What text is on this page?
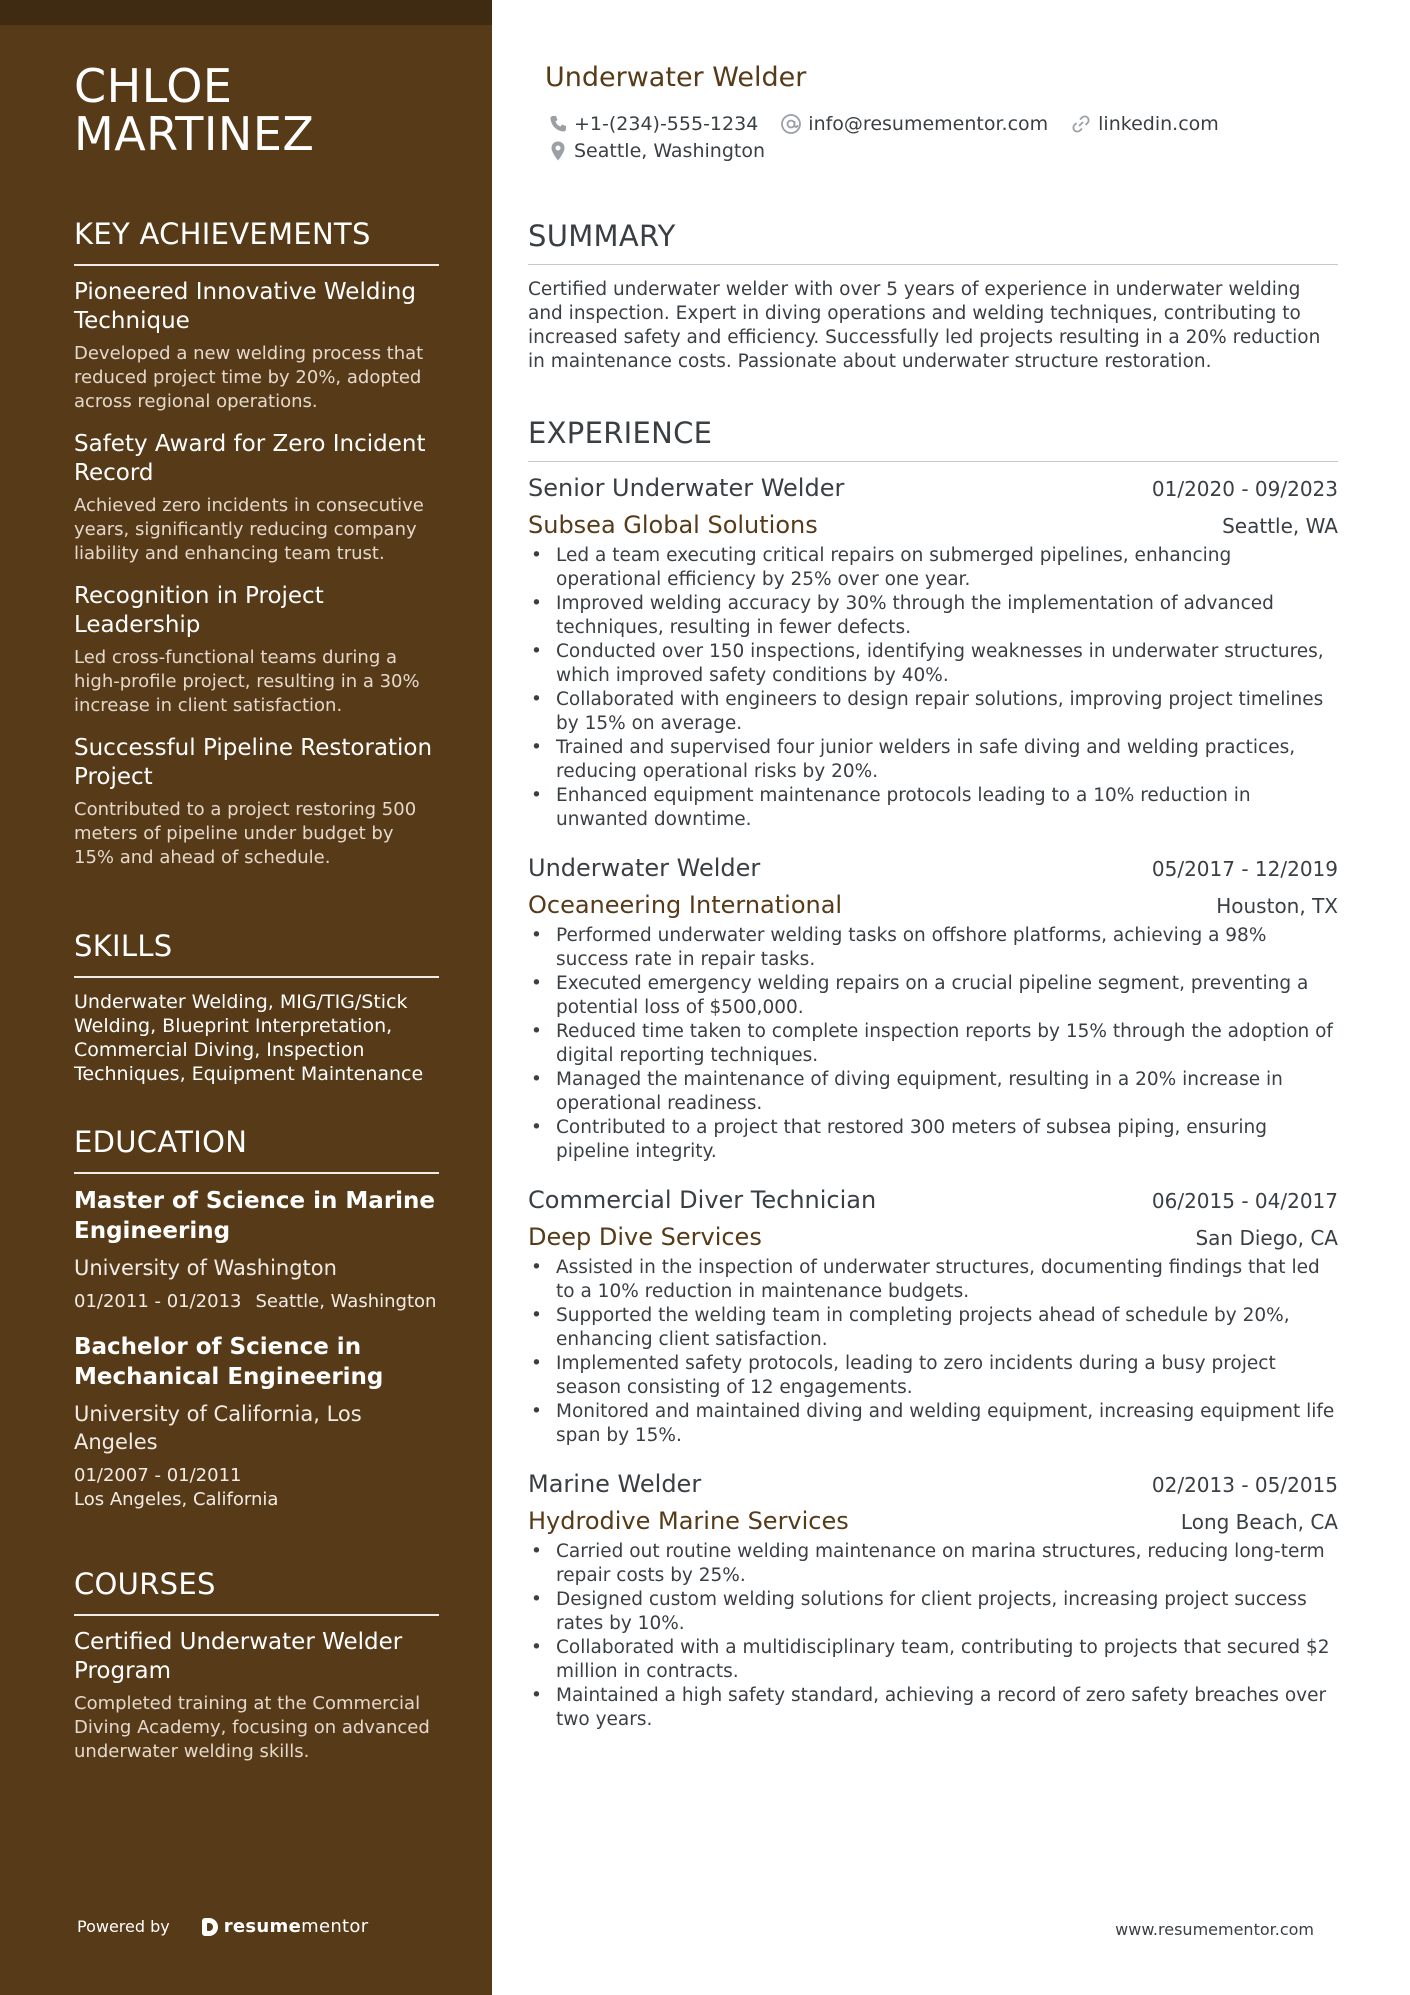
CHLOE
MARTINEZ
KEY ACHIEVEMENTS
Pioneered Innovative Welding Technique
Developed a new welding process that reduced project time by 20%, adopted across regional operations.
Safety Award for Zero Incident Record
Achieved zero incidents in consecutive years, significantly reducing company liability and enhancing team trust.
Recognition in Project Leadership
Led cross-functional teams during a high-profile project, resulting in a 30% increase in client satisfaction.
Successful Pipeline Restoration Project
Contributed to a project restoring 500 meters of pipeline under budget by 15% and ahead of schedule.
SKILLS
Underwater Welding, MIG/TIG/Stick Welding, Blueprint Interpretation, Commercial Diving, Inspection Techniques, Equipment Maintenance
EDUCATION
Master of Science in Marine Engineering
University of Washington
01/2011 - 01/2013 Seattle, Washington
Bachelor of Science in Mechanical Engineering
University of California, Los Angeles
01/2007 - 01/2011
Los Angeles, California
COURSES
Certified Underwater Welder Program
Completed training at the Commercial Diving Academy, focusing on advanced underwater welding skills.
Powered by	resumementor
Underwater Welder
+1-(234)-555-1234	info@resumementor.com	linkedin.com
Seattle, Washington
SUMMARY
Certified underwater welder with over 5 years of experience in underwater welding and inspection. Expert in diving operations and welding techniques, contributing to increased safety and efficiency. Successfully led projects resulting in a 20% reduction in maintenance costs. Passionate about underwater structure restoration.
EXPERIENCE
Senior Underwater Welder	01/2020 - 09/2023
Subsea Global Solutions	Seattle, WA
• Led a team executing critical repairs on submerged pipelines, enhancing operational efficiency by 25% over one year.
• Improved welding accuracy by 30% through the implementation of advanced techniques, resulting in fewer defects.
• Conducted over 150 inspections, identifying weaknesses in underwater structures, which improved safety conditions by 40%.
• Collaborated with engineers to design repair solutions, improving project timelines by 15% on average.
• Trained and supervised four junior welders in safe diving and welding practices, reducing operational risks by 20%.
• Enhanced equipment maintenance protocols leading to a 10% reduction in unwanted downtime.
Underwater Welder	05/2017 - 12/2019
Oceaneering International	Houston, TX
• Performed underwater welding tasks on offshore platforms, achieving a 98% success rate in repair tasks.
• Executed emergency welding repairs on a crucial pipeline segment, preventing a potential loss of $500,000.
• Reduced time taken to complete inspection reports by 15% through the adoption of digital reporting techniques.
• Managed the maintenance of diving equipment, resulting in a 20% increase in operational readiness.
• Contributed to a project that restored 300 meters of subsea piping, ensuring pipeline integrity.
Commercial Diver Technician	06/2015 - 04/2017
Deep Dive Services	San Diego, CA
• Assisted in the inspection of underwater structures, documenting findings that led to a 10% reduction in maintenance budgets.
• Supported the welding team in completing projects ahead of schedule by 20%, enhancing client satisfaction.
• Implemented safety protocols, leading to zero incidents during a busy project season consisting of 12 engagements.
• Monitored and maintained diving and welding equipment, increasing equipment life span by 15%.
Marine Welder	02/2013 - 05/2015
Hydrodive Marine Services	Long Beach, CA
• Carried out routine welding maintenance on marina structures, reducing long-term repair costs by 25%.
• Designed custom welding solutions for client projects, increasing project success rates by 10%.
• Collaborated with a multidisciplinary team, contributing to projects that secured $2 million in contracts.
• Maintained a high safety standard, achieving a record of zero safety breaches over two years.
www.resumementor.com
